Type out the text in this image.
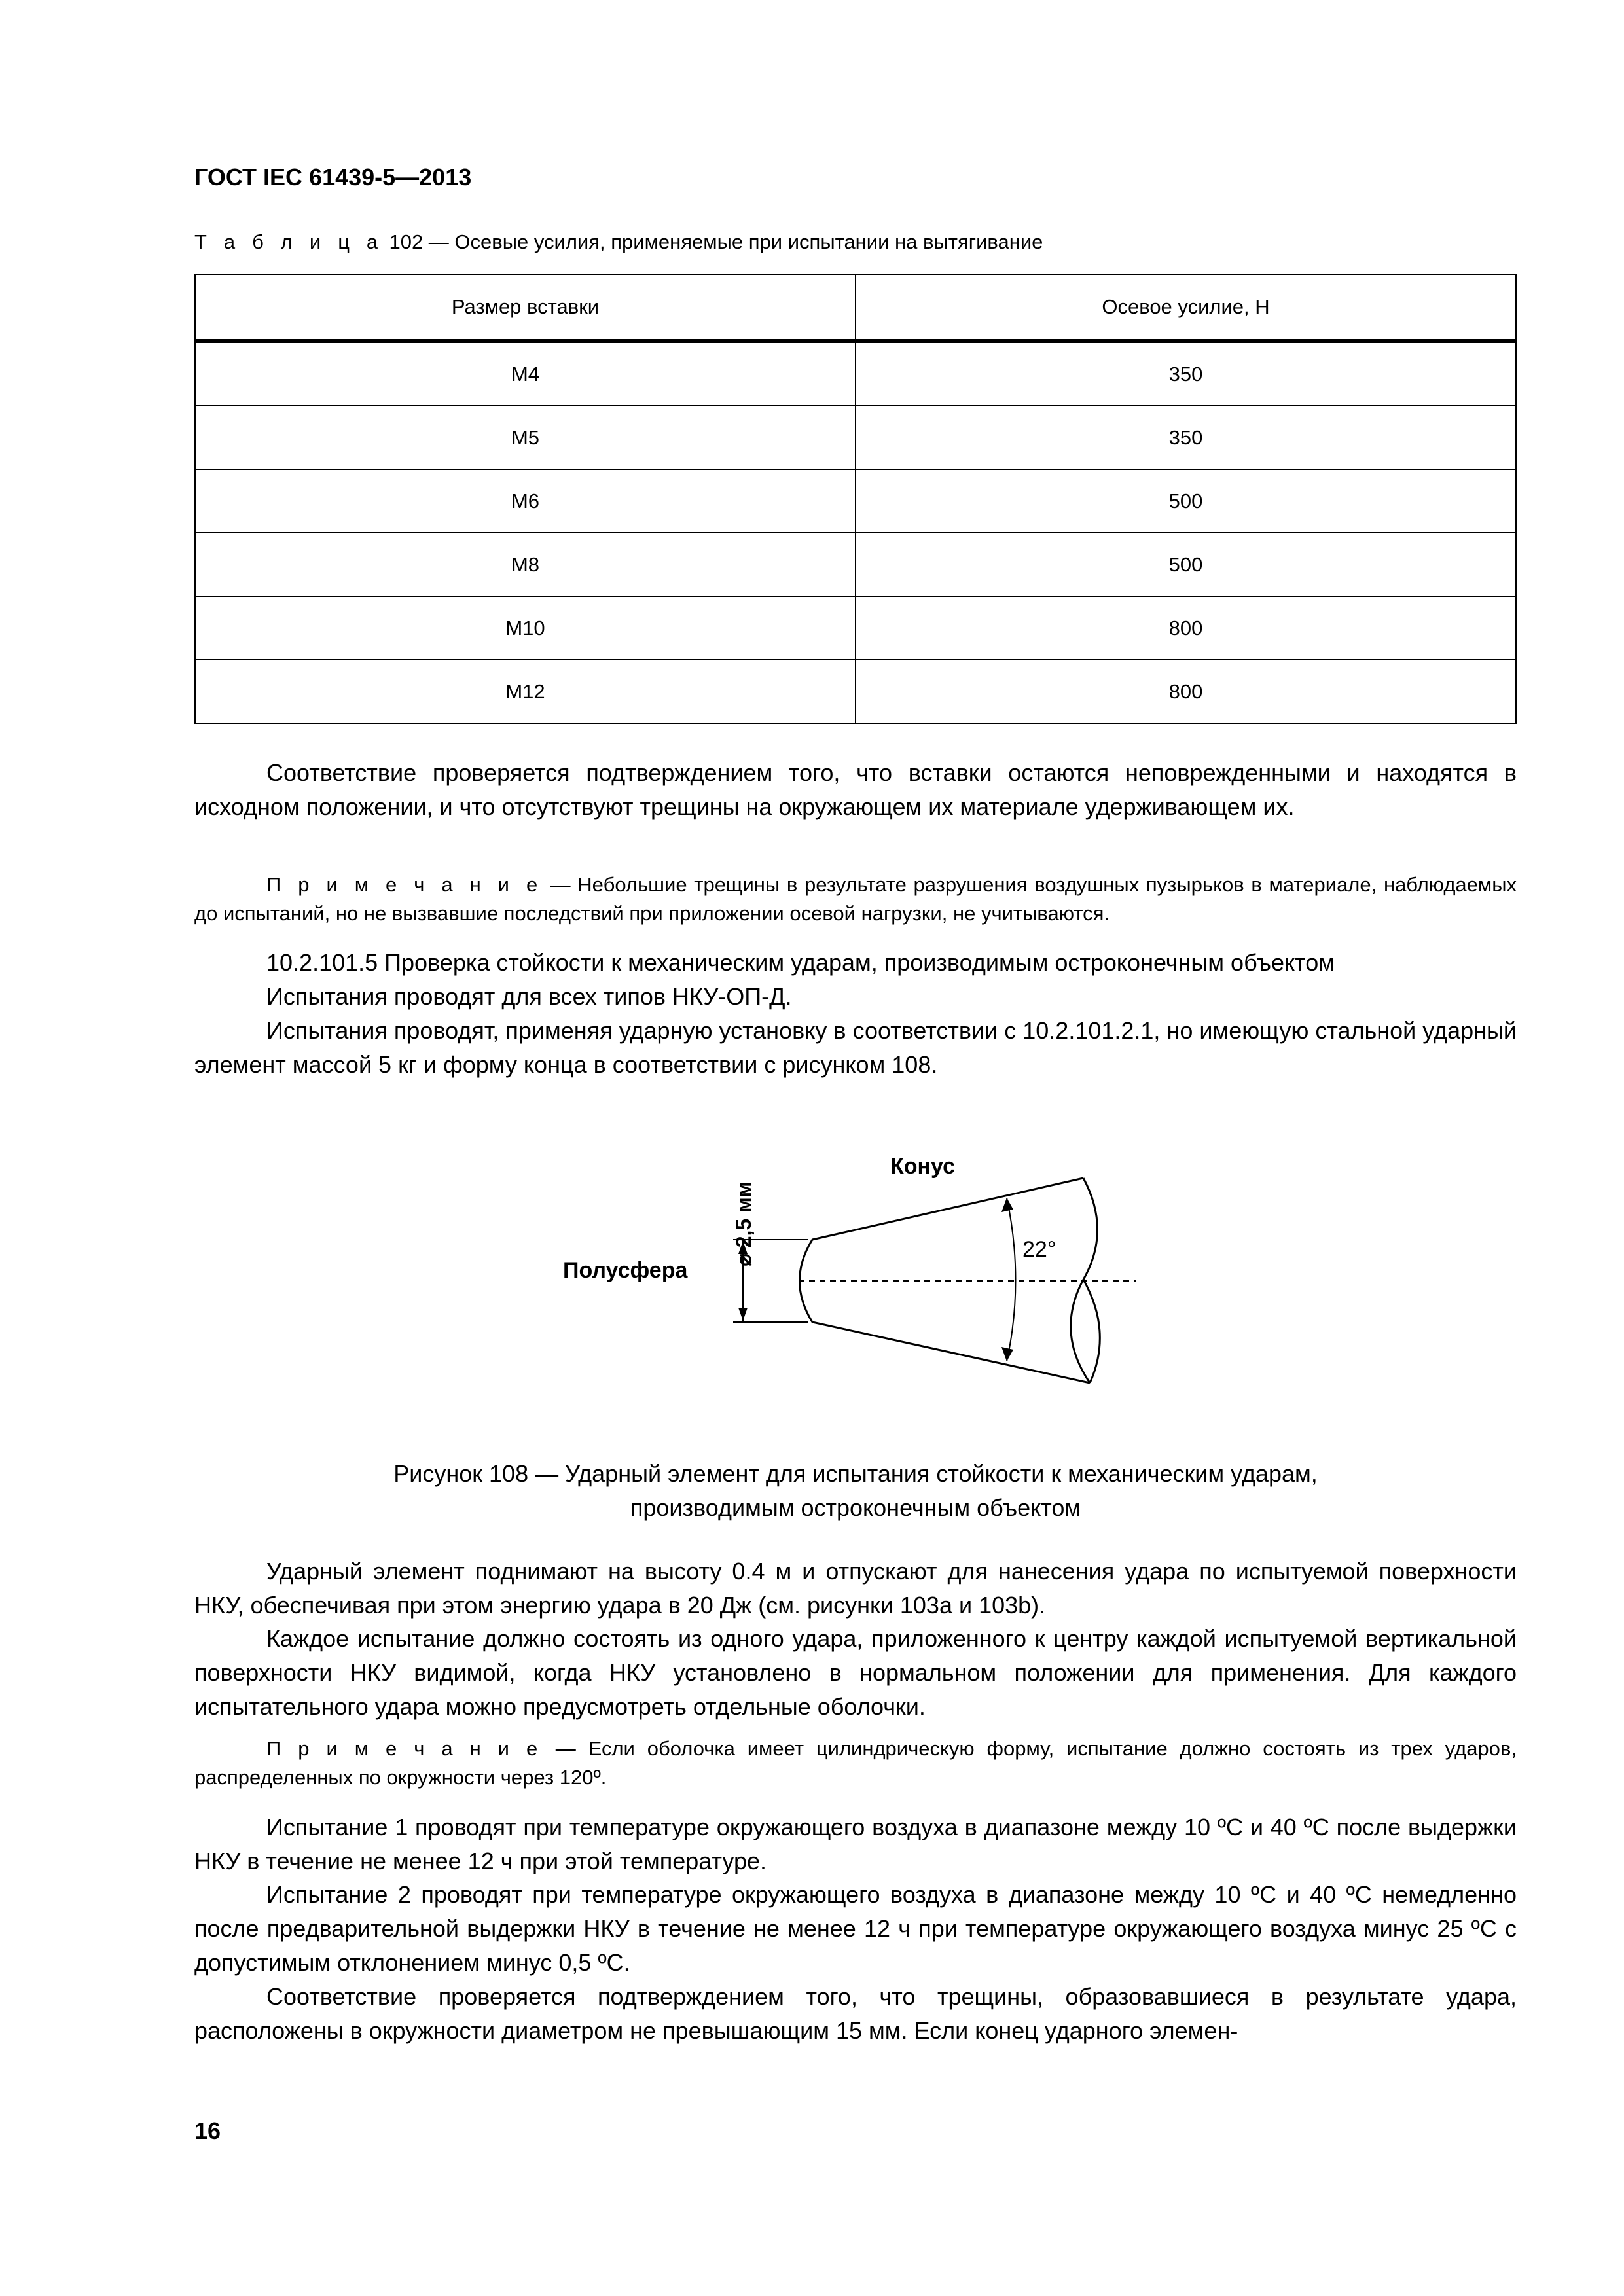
ГОСТ IEC 61439-5—2013
Т а б л и ц а 102 — Осевые усилия, применяемые при испытании на вытягивание
Размер вставки	Осевое усилие, Н
M4	350
M5	350
M6	500
M8	500
M10	800
M12	800
Соответствие проверяется подтверждением того, что вставки остаются неповрежденными и находятся в исходном положении, и что отсутствуют трещины на окружающем их материале удерживающем их.
П р и м е ч а н и е — Небольшие трещины в результате разрушения воздушных пузырьков в материале, наблюдаемых до испытаний, но не вызвавшие последствий при приложении осевой нагрузки, не учитываются.
10.2.101.5 Проверка стойкости к механическим ударам, производимым остроконечным объектом
Испытания проводят для всех типов НКУ-ОП-Д.
Испытания проводят, применяя ударную установку в соответствии с 10.2.101.2.1, но имеющую стальной ударный элемент массой 5 кг и форму конца в соответствии с рисунком 108.
⌀ 2,5 мм
Конус
22°
Полусфера
Рисунок 108 — Ударный элемент для испытания стойкости к механическим ударам,
производимым остроконечным объектом
Ударный элемент поднимают на высоту 0.4 м и отпускают для нанесения удара по испытуемой поверхности НКУ, обеспечивая при этом энергию удара в 20 Дж (см. рисунки 103а и 103b).
Каждое испытание должно состоять из одного удара, приложенного к центру каждой испытуемой вертикальной поверхности НКУ видимой, когда НКУ установлено в нормальном положении для применения. Для каждого испытательного удара можно предусмотреть отдельные оболочки.
П р и м е ч а н и е — Если оболочка имеет цилиндрическую форму, испытание должно состоять из трех ударов, распределенных по окружности через 120º.
Испытание 1 проводят при температуре окружающего воздуха в диапазоне между 10 ºС и 40 ºС после выдержки НКУ в течение не менее 12 ч при этой температуре.
Испытание 2 проводят при температуре окружающего воздуха в диапазоне между 10 ºС и 40 ºС немедленно после предварительной выдержки НКУ в течение не менее 12 ч при температуре окружающего воздуха минус 25 ºС с допустимым отклонением минус 0,5 ºС.
Соответствие проверяется подтверждением того, что трещины, образовавшиеся в результате удара, расположены в окружности диаметром не превышающим 15 мм. Если конец ударного элемен-
16
